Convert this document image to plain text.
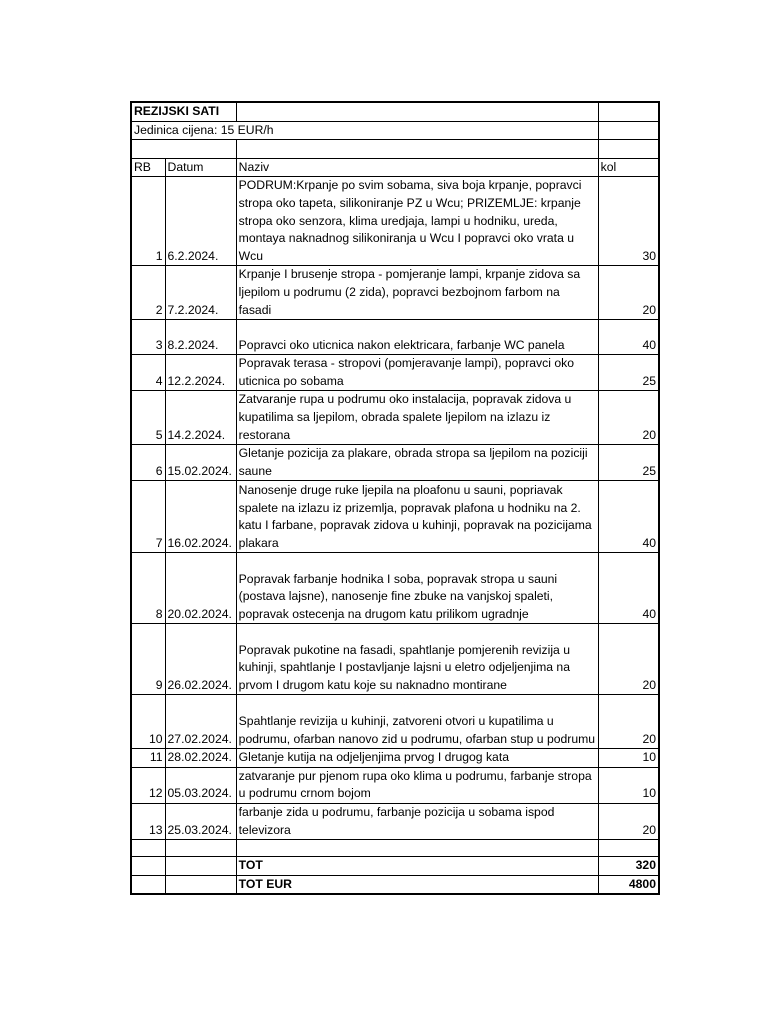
REZIJSKI SATI			
Jedinica cijena: 15 EUR/h			

RB	Datum	Naziv	kol
1	6.2.2024.	PODRUM:Krpanje po svim sobama, siva boja krpanje, popravci stropa oko tapeta, silikoniranje PZ u Wcu; PRIZEMLJE: krpanje stropa oko senzora, klima uredjaja, lampi u hodniku, ureda, montaya naknadnog silikoniranja u Wcu I popravci oko vrata u Wcu	30
2	7.2.2024.	Krpanje I brusenje stropa - pomjeranje lampi, krpanje zidova sa ljepilom u podrumu (2 zida), popravci bezbojnom farbom na fasadi	20
3	8.2.2024.	Popravci oko uticnica nakon elektricara, farbanje WC panela	40
4	12.2.2024.	Popravak terasa - stropovi (pomjeravanje lampi), popravci oko uticnica po sobama	25
5	14.2.2024.	Zatvaranje rupa u podrumu oko instalacija, popravak zidova u kupatilima sa ljepilom, obrada spalete ljepilom na izlazu iz restorana	20
6	15.02.2024.	Gletanje pozicija za plakare, obrada stropa sa ljepilom na poziciji saune	25
7	16.02.2024.	Nanosenje druge ruke ljepila na ploafonu u sauni, popriavak spalete na izlazu iz prizemlja, popravak plafona u hodniku na 2. katu I farbane, popravak zidova u kuhinji, popravak na pozicijama plakara	40
8	20.02.2024.	Popravak farbanje hodnika I soba, popravak stropa u sauni (postava lajsne), nanosenje fine zbuke na vanjskoj spaleti, popravak ostecenja na drugom katu prilikom ugradnje	40
9	26.02.2024.	Popravak pukotine na fasadi, spahtlanje pomjerenih revizija u kuhinji, spahtlanje I postavljanje lajsni u eletro odjeljenjima na prvom I drugom katu koje su naknadno montirane	20
10	27.02.2024.	Spahtlanje revizija u kuhinji, zatvoreni otvori u kupatilima u podrumu, ofarban nanovo zid u podrumu, ofarban stup u podrumu	20
11	28.02.2024.	Gletanje kutija na odjeljenjima prvog I drugog kata	10
12	05.03.2024.	zatvaranje pur pjenom rupa oko klima u podrumu, farbanje stropa u podrumu crnom bojom	10
13	25.03.2024.	farbanje zida u podrumu, farbanje pozicija u sobama ispod televizora	20

		TOT	320
		TOT EUR	4800
